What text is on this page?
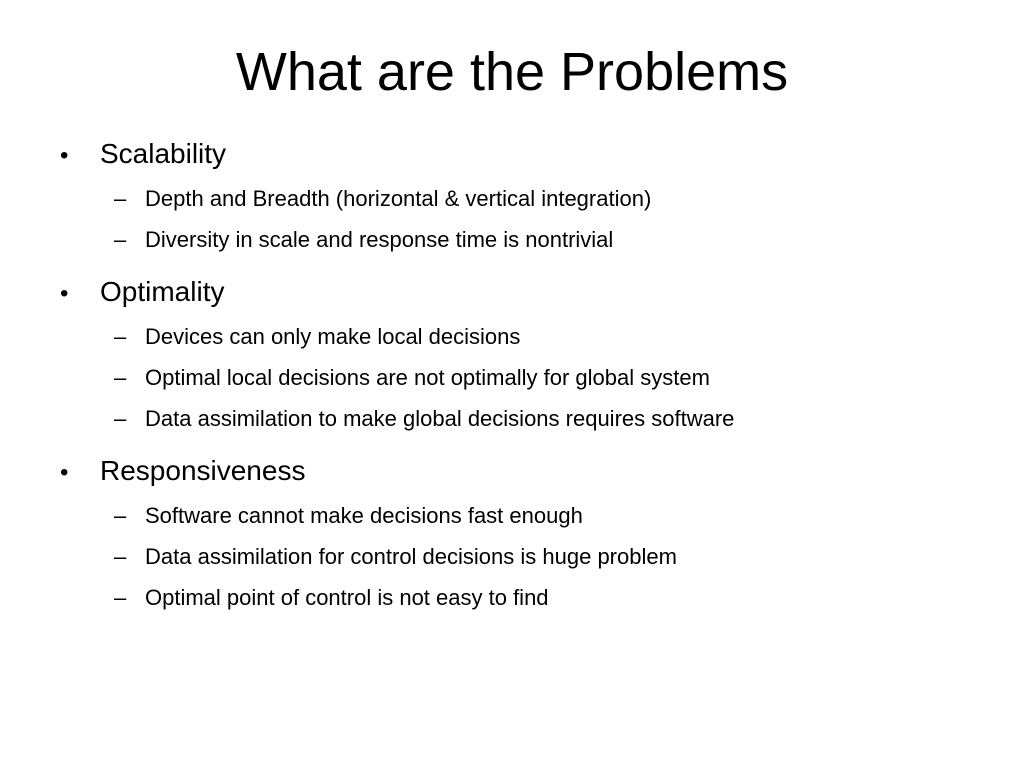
What are the Problems
•	Scalability
– Depth and Breadth (horizontal & vertical integration)
– Diversity in scale and response time is nontrivial
•	Optimality
– Devices can only make local decisions
– Optimal local decisions are not optimally for global system
– Data assimilation to make global decisions requires software
•	Responsiveness
– Software cannot make decisions fast enough
– Data assimilation for control decisions is huge problem
– Optimal point of control is not easy to find
